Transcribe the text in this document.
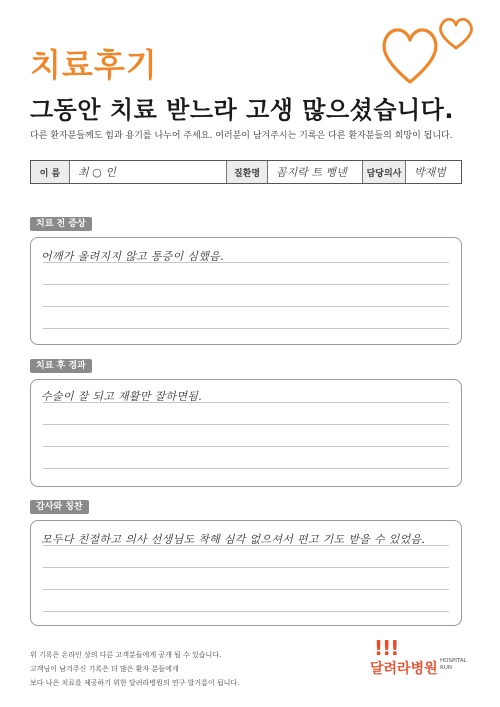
치료후기
그동안 치료 받느라 고생 많으셨습니다.
다른 환자분들께도 힘과 용기를 나누어 주세요. 여러분이 남겨주시는 기록은 다른 환자분들의 희망이 됩니다.
이 름	최 ○ 인	질환명	꼼지락 트 뻥넨	담당의사	박재범
치료 전 증상
어깨가 올려지지 않고 통증이 심했음.
치료 후 경과
수술이 잘 되고 재활만 잘하면됨.
감사와 칭찬
모두다 친절하고 의사 선생님도 착해 심각 없으셔서 편고 기도 받을 수 있었음.
위 기록은 온라인 상의 다른 고객분들에게 공개 될 수 있습니다.
고객님이 남겨주신 기록은 더 많은 환자 분들에게
보다 나은 치료를 제공하기 위한 달려라병원의 연구 발거름이 됩니다.
!!!
달려라병원 HOSPITAL RUN
